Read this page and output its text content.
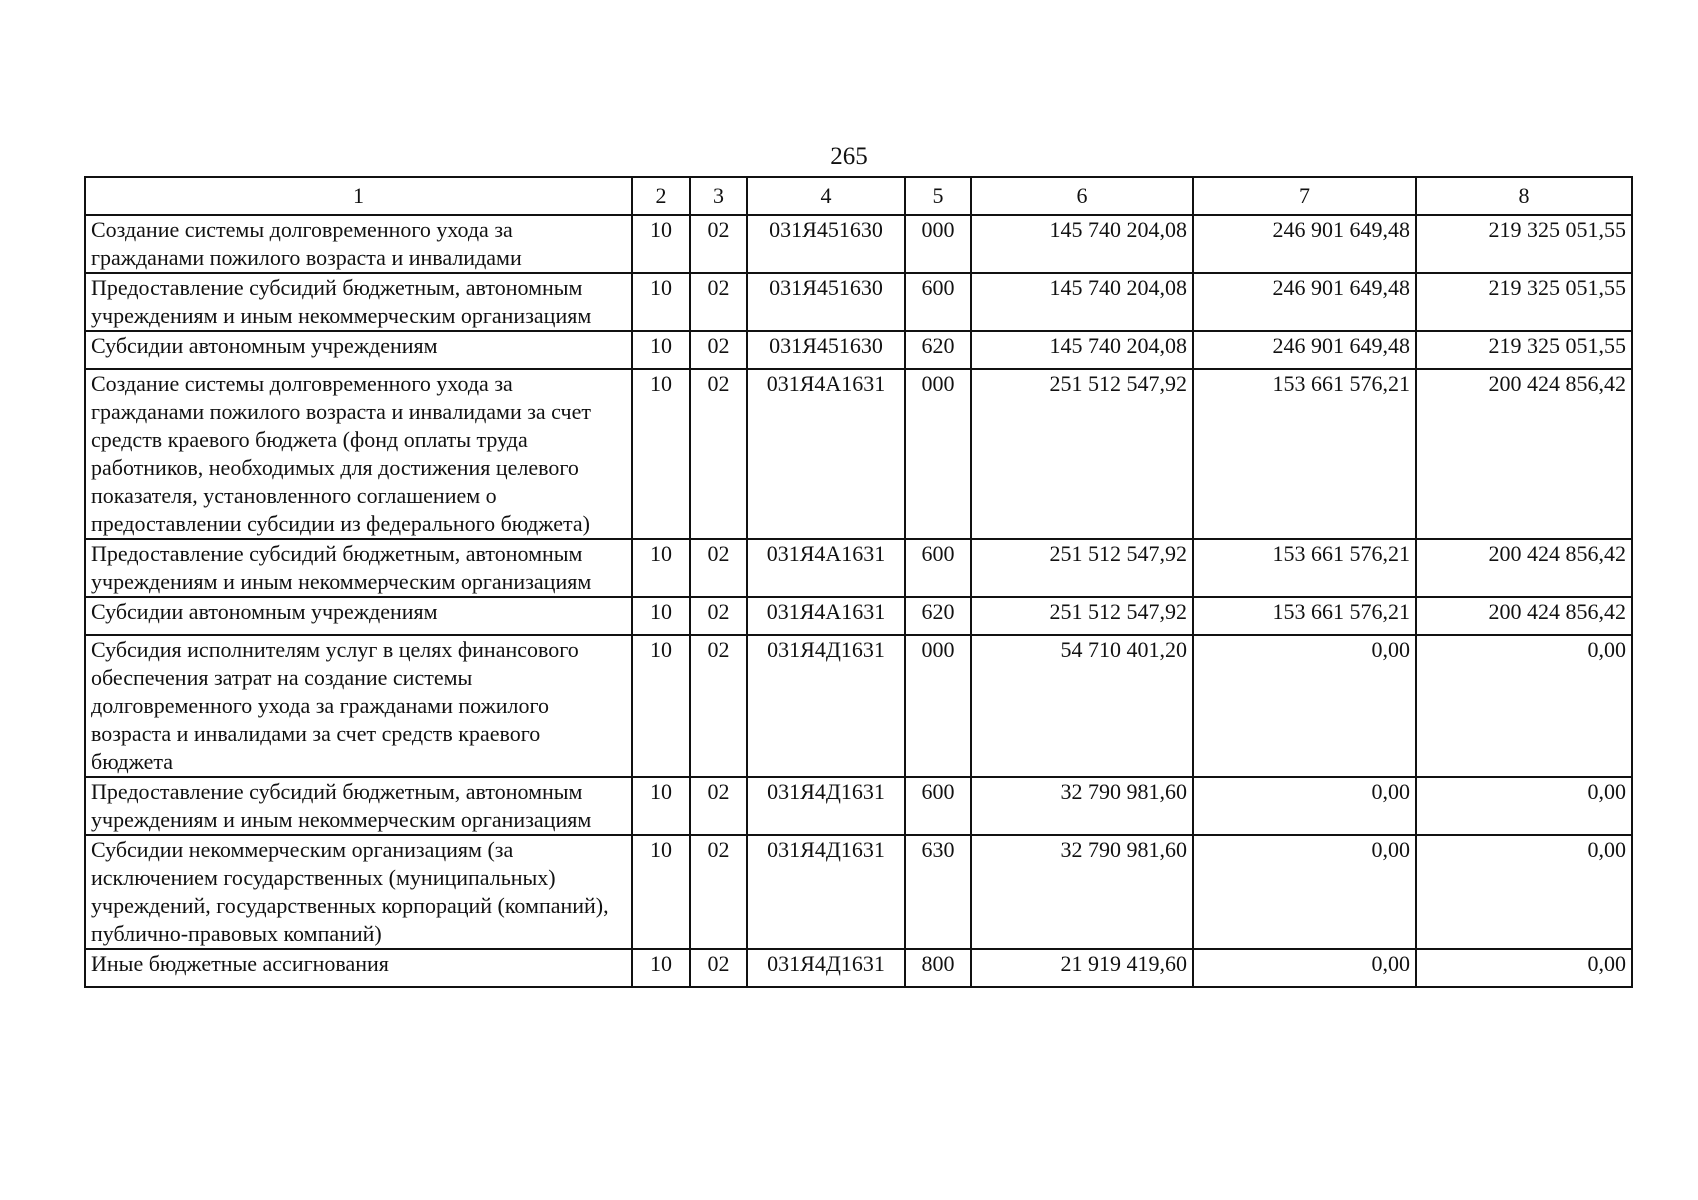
265
1	2	3	4	5	6	7	8
Создание системы долговременного ухода за гражданами пожилого возраста и инвалидами	10	02	031Я451630	000	145 740 204,08	246 901 649,48	219 325 051,55
Предоставление субсидий бюджетным, автономным учреждениям и иным некоммерческим организациям	10	02	031Я451630	600	145 740 204,08	246 901 649,48	219 325 051,55
Субсидии автономным учреждениям	10	02	031Я451630	620	145 740 204,08	246 901 649,48	219 325 051,55
Создание системы долговременного ухода за гражданами пожилого возраста и инвалидами за счет средств краевого бюджета (фонд оплаты труда работников, необходимых для достижения целевого показателя, установленного соглашением о предоставлении субсидии из федерального бюджета)	10	02	031Я4А1631	000	251 512 547,92	153 661 576,21	200 424 856,42
Предоставление субсидий бюджетным, автономным учреждениям и иным некоммерческим организациям	10	02	031Я4А1631	600	251 512 547,92	153 661 576,21	200 424 856,42
Субсидии автономным учреждениям	10	02	031Я4А1631	620	251 512 547,92	153 661 576,21	200 424 856,42
Субсидия исполнителям услуг в целях финансового обеспечения затрат на создание системы долговременного ухода за гражданами пожилого возраста и инвалидами за счет средств краевого бюджета	10	02	031Я4Д1631	000	54 710 401,20	0,00	0,00
Предоставление субсидий бюджетным, автономным учреждениям и иным некоммерческим организациям	10	02	031Я4Д1631	600	32 790 981,60	0,00	0,00
Субсидии некоммерческим организациям (за исключением государственных (муниципальных) учреждений, государственных корпораций (компаний), публично-правовых компаний)	10	02	031Я4Д1631	630	32 790 981,60	0,00	0,00
Иные бюджетные ассигнования	10	02	031Я4Д1631	800	21 919 419,60	0,00	0,00
